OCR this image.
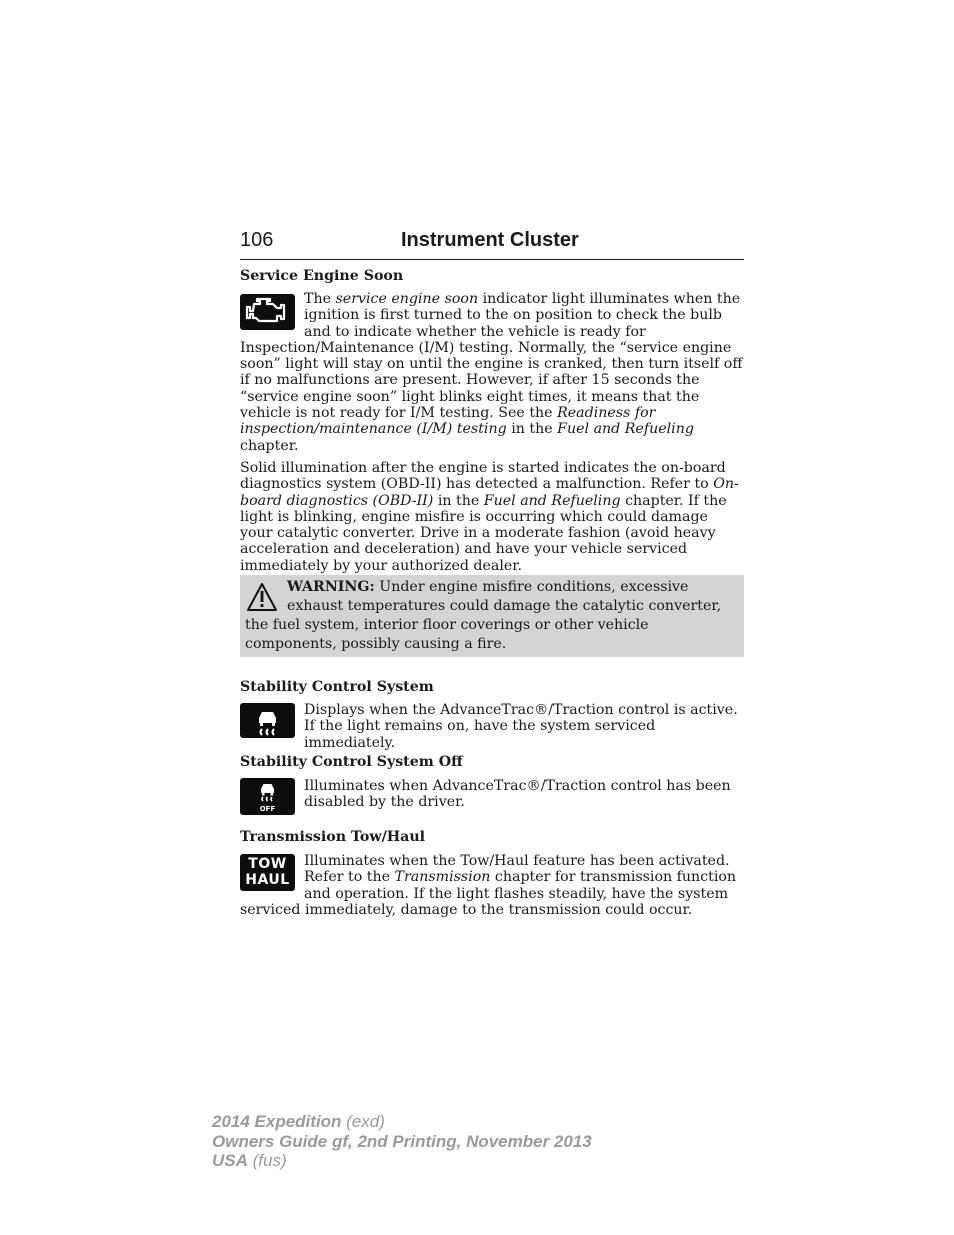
106	Instrument Cluster
Service Engine Soon

The service engine soon indicator light illuminates when the ignition is first turned to the on position to check the bulb and to indicate whether the vehicle is ready for Inspection/Maintenance (I/M) testing. Normally, the “service engine soon” light will stay on until the engine is cranked, then turn itself off if no malfunctions are present. However, if after 15 seconds the “service engine soon” light blinks eight times, it means that the vehicle is not ready for I/M testing. See the Readiness for inspection/maintenance (I/M) testing in the Fuel and Refueling chapter.

Solid illumination after the engine is started indicates the on-board diagnostics system (OBD-II) has detected a malfunction. Refer to On-board diagnostics (OBD-II) in the Fuel and Refueling chapter. If the light is blinking, engine misfire is occurring which could damage your catalytic converter. Drive in a moderate fashion (avoid heavy acceleration and deceleration) and have your vehicle serviced immediately by your authorized dealer.

WARNING: Under engine misfire conditions, excessive exhaust temperatures could damage the catalytic converter, the fuel system, interior floor coverings or other vehicle components, possibly causing a fire.
Stability Control System
Displays when the AdvanceTrac®/Traction control is active. If the light remains on, have the system serviced immediately.
Stability Control System Off
OFF
Illuminates when AdvanceTrac®/Traction control has been disabled by the driver.
Transmission Tow/Haul
TOW
HAUL
Illuminates when the Tow/Haul feature has been activated. Refer to the Transmission chapter for transmission function and operation. If the light flashes steadily, have the system serviced immediately, damage to the transmission could occur.
2014 Expedition (exd)
Owners Guide gf, 2nd Printing, November 2013
USA (fus)
